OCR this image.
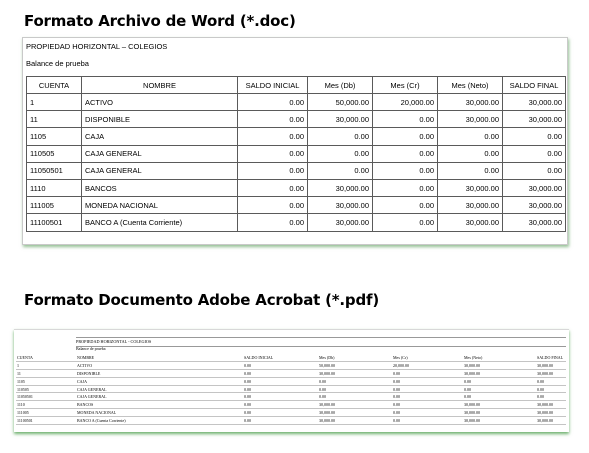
Formato Archivo de Word (*.doc)
PROPIEDAD HORIZONTAL – COLEGIOS
Balance de prueba
CUENTA	NOMBRE	SALDO INICIAL	Mes (Db)	Mes (Cr)	Mes (Neto)	SALDO FINAL
1	ACTIVO	0.00	50,000.00	20,000.00	30,000.00	30,000.00
11	DISPONIBLE	0.00	30,000.00	0.00	30,000.00	30,000.00
1105	CAJA	0.00	0.00	0.00	0.00	0.00
110505	CAJA GENERAL	0.00	0.00	0.00	0.00	0.00
11050501	CAJA GENERAL	0.00	0.00	0.00	0.00	0.00
1110	BANCOS	0.00	30,000.00	0.00	30,000.00	30,000.00
111005	MONEDA NACIONAL	0.00	30,000.00	0.00	30,000.00	30,000.00
11100501	BANCO A (Cuenta Corriente)	0.00	30,000.00	0.00	30,000.00	30,000.00
Formato Documento Adobe Acrobat (*.pdf)
PROPIEDAD HORIZONTAL - COLEGIOS
Balance de prueba
CUENTA	NOMBRE	SALDO INICIAL	Mes (Db)	Mes (Cr)	Mes (Neto)	SALDO FINAL
1	ACTIVO	0.00	50,000.00	20,000.00	30,000.00	30,000.00
11	DISPONIBLE	0.00	30,000.00	0.00	30,000.00	30,000.00
1105	CAJA	0.00	0.00	0.00	0.00	0.00
110505	CAJA GENERAL	0.00	0.00	0.00	0.00	0.00
11050501	CAJA GENERAL	0.00	0.00	0.00	0.00	0.00
1110	BANCOS	0.00	30,000.00	0.00	30,000.00	30,000.00
111005	MONEDA NACIONAL	0.00	30,000.00	0.00	30,000.00	30,000.00
11100501	BANCO A (Cuenta Corriente)	0.00	30,000.00	0.00	30,000.00	30,000.00
